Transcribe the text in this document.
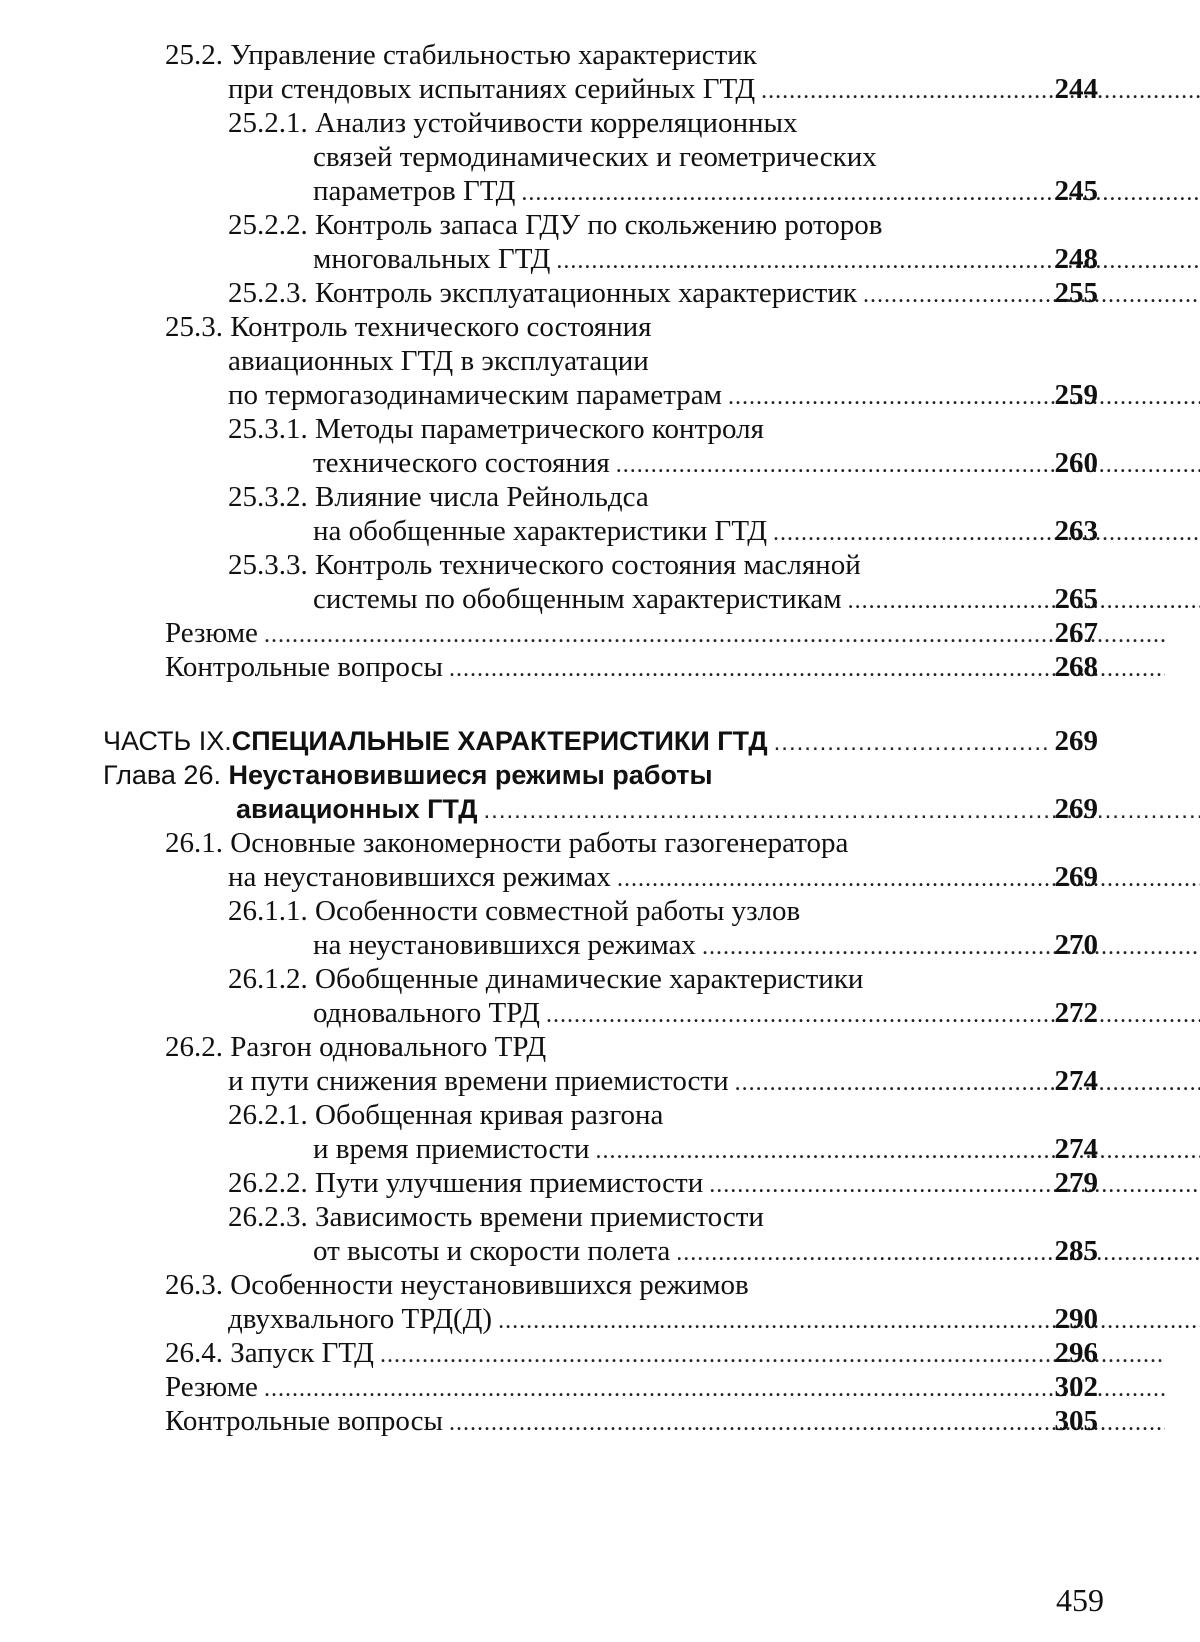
25.2. Управление стабильностью характеристик
при стендовых испытаниях серийных ГТД .....	244
25.2.1. Анализ устойчивости корреляционных
связей термодинамических и геометрических
параметров ГТД .....	245
25.2.2. Контроль запаса ГДУ по скольжению роторов
многовальных ГТД .....	248
25.2.3. Контроль эксплуатационных характеристик .....	255
25.3. Контроль технического состояния
авиационных ГТД в эксплуатации
по термогазодинамическим параметрам .....	259
25.3.1. Методы параметрического контроля
технического состояния .....	260
25.3.2. Влияние числа Рейнольдса
на обобщенные характеристики ГТД .....	263
25.3.3. Контроль технического состояния масляной
системы по обобщенным характеристикам .....	265
Резюме .....	267
Контрольные вопросы .....	268
ЧАСТЬ IX. СПЕЦИАЛЬНЫЕ ХАРАКТЕРИСТИКИ ГТД .....	269
Глава 26. Неустановившиеся режимы работы
авиационных ГТД .....	269
26.1. Основные закономерности работы газогенератора
на неустановившихся режимах .....	269
26.1.1. Особенности совместной работы узлов
на неустановившихся режимах .....	270
26.1.2. Обобщенные динамические характеристики
одновального ТРД .....	272
26.2. Разгон одновального ТРД
и пути снижения времени приемистости .....	274
26.2.1. Обобщенная кривая разгона
и время приемистости .....	274
26.2.2. Пути улучшения приемистости .....	279
26.2.3. Зависимость времени приемистости
от высоты и скорости полета .....	285
26.3. Особенности неустановившихся режимов
двухвального ТРД(Д) .....	290
26.4. Запуск ГТД .....	296
Резюме .....	302
Контрольные вопросы .....	305
459
